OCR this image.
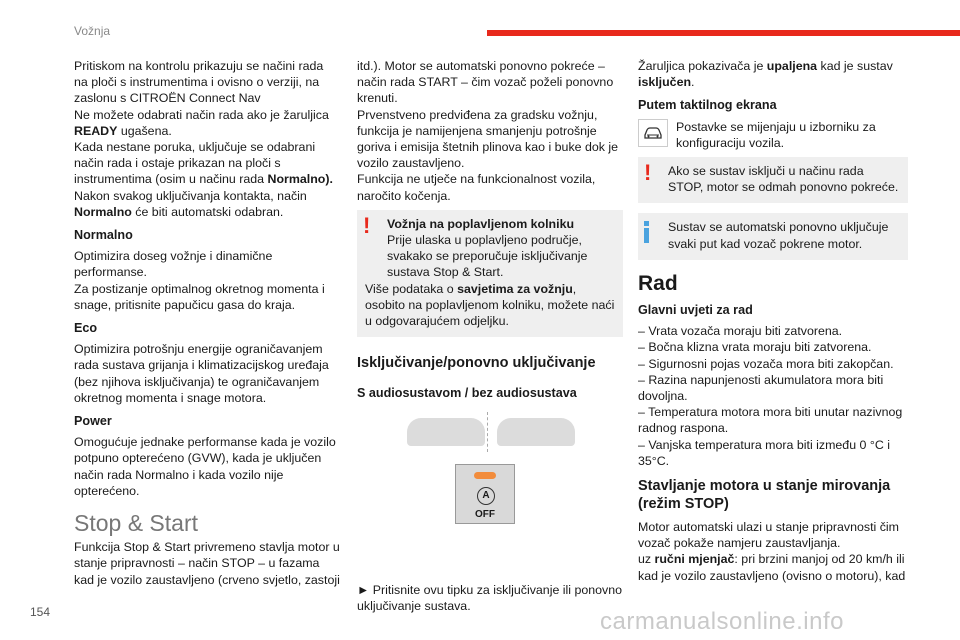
Vožnja

Pritiskom na kontrolu prikazuju se načini rada na ploči s instrumentima i ovisno o verziji, na zaslonu s CITROËN Connect Nav

Ne možete odabrati način rada ako je žaruljica READY ugašena.

Kada nestane poruka, uključuje se odabrani način rada i ostaje prikazan na ploči s instrumentima (osim u načinu rada Normalno).

Nakon svakog uključivanja kontakta, način Normalno će biti automatski odabran.

Normalno

Optimizira doseg vožnje i dinamične performanse.

Za postizanje optimalnog okretnog momenta i snage, pritisnite papučicu gasa do kraja.

Eco

Optimizira potrošnju energije ograničavanjem rada sustava grijanja i klimatizacijskog uređaja (bez njihova isključivanja) te ograničavanjem okretnog momenta i snage motora.

Power

Omogućuje jednake performanse kada je vozilo potpuno opterećeno (GVW), kada je uključen način rada Normalno i kada vozilo nije opterećeno.

Stop & Start

Funkcija Stop & Start privremeno stavlja motor u stanje pripravnosti – način STOP – u fazama kad je vozilo zaustavljeno (crveno svjetlo, zastoji

itd.). Motor se automatski ponovno pokreće – način rada START – čim vozač poželi ponovno krenuti.

Prvenstveno predviđena za gradsku vožnju, funkcija je namijenjena smanjenju potrošnje goriva i emisija štetnih plinova kao i buke dok je vozilo zaustavljeno.

Funkcija ne utječe na funkcionalnost vozila, naročito kočenja.

!	Vožnja na poplavljenom kolniku
Prije ulaska u poplavljeno područje, svakako se preporučuje isključivanje sustava Stop & Start.
Više podataka o savjetima za vožnju, osobito na poplavljenom kolniku, možete naći u odgovarajućem odjeljku.
Isključivanje/ponovno uključivanje
S audiosustavom / bez audiosustava
A
OFF

► Pritisnite ovu tipku za isključivanje ili ponovno uključivanje sustava.

Žaruljica pokazivača je upaljena kad je sustav isključen.

Putem taktilnog ekrana
Postavke se mijenjaju u izborniku za konfiguraciju vozila.
!	Ako se sustav isključi u načinu rada STOP, motor se odmah ponovno pokreće.
Sustav se automatski ponovno uključuje svaki put kad vozač pokrene motor.
Rad
Glavni uvjeti za rad
– Vrata vozača moraju biti zatvorena.
– Bočna klizna vrata moraju biti zatvorena.
– Sigurnosni pojas vozača mora biti zakopčan.
– Razina napunjenosti akumulatora mora biti dovoljna.
– Temperatura motora mora biti unutar nazivnog radnog raspona.
– Vanjska temperatura mora biti između 0 °C i 35°C.
Stavljanje motora u stanje mirovanja (režim STOP)

Motor automatski ulazi u stanje pripravnosti čim vozač pokaže namjeru zaustavljanja.

uz ručni mjenjač: pri brzini manjoj od 20 km/h ili kad je vozilo zaustavljeno (ovisno o motoru), kad

154	carmanualsonline.info
